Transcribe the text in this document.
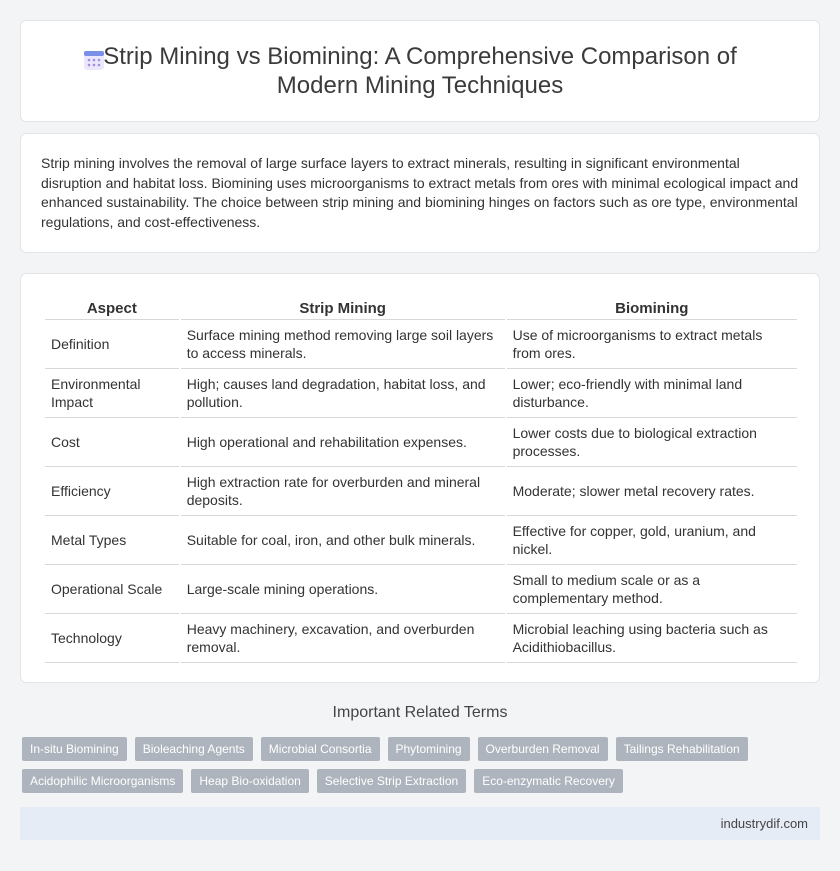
Strip Mining vs Biomining: A Comprehensive Comparison of Modern Mining Techniques

Strip mining involves the removal of large surface layers to extract minerals, resulting in significant environmental disruption and habitat loss. Biomining uses microorganisms to extract metals from ores with minimal ecological impact and enhanced sustainability. The choice between strip mining and biomining hinges on factors such as ore type, environmental regulations, and cost-effectiveness.

Aspect	Strip Mining	Biomining
Definition	Surface mining method removing large soil layers to access minerals.	Use of microorganisms to extract metals from ores.
Environmental Impact	High; causes land degradation, habitat loss, and pollution.	Lower; eco-friendly with minimal land disturbance.
Cost	High operational and rehabilitation expenses.	Lower costs due to biological extraction processes.
Efficiency	High extraction rate for overburden and mineral deposits.	Moderate; slower metal recovery rates.
Metal Types	Suitable for coal, iron, and other bulk minerals.	Effective for copper, gold, uranium, and nickel.
Operational Scale	Large-scale mining operations.	Small to medium scale or as a complementary method.
Technology	Heavy machinery, excavation, and overburden removal.	Microbial leaching using bacteria such as Acidithiobacillus.
Important Related Terms
In-situ Biomining	Bioleaching Agents	Microbial Consortia	Phytomining	Overburden Removal	Tailings Rehabilitation
Acidophilic Microorganisms	Heap Bio-oxidation	Selective Strip Extraction	Eco-enzymatic Recovery
industrydif.com
